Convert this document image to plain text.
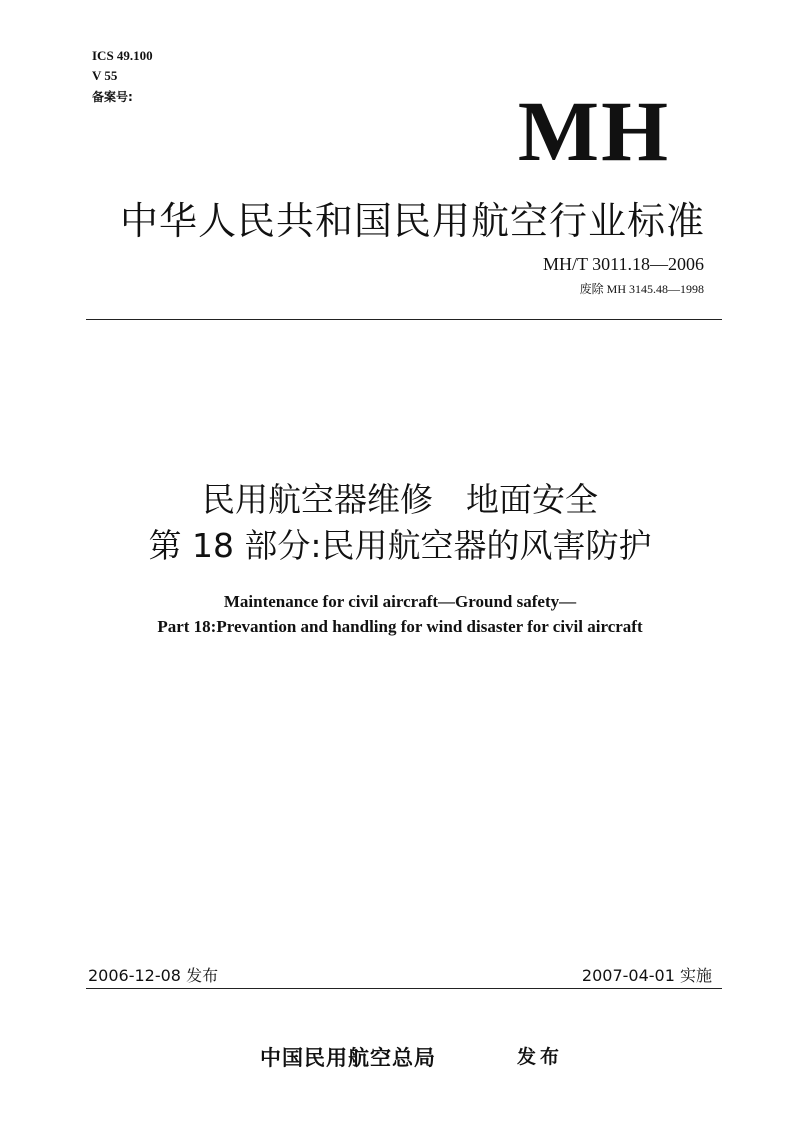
ICS 49.100
V 55
备案号:	MH
中华人民共和国民用航空行业标准
MH/T 3011.18—2006
废除 MH 3145.48—1998
民用航空器维修　地面安全
第 18 部分:民用航空器的风害防护
Maintenance for civil aircraft—Ground safety—
Part 18:Prevantion and handling for wind disaster for civil aircraft
2006-12-08 发布	2007-04-01 实施
中国民用航空总局	发布
